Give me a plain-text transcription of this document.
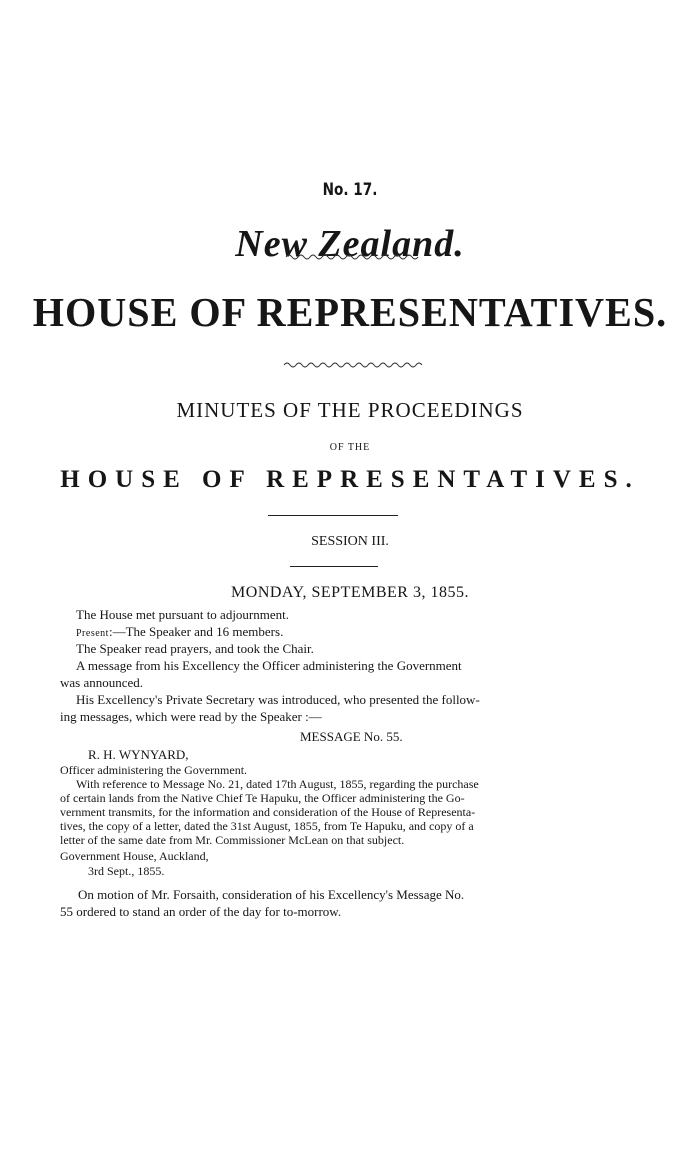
No. 17.
New Zealand.
HOUSE OF REPRESENTATIVES.
MINUTES OF THE PROCEEDINGS
OF THE
HOUSE OF REPRESENTATIVES.
SESSION III.
MONDAY, SEPTEMBER 3, 1855.
The House met pursuant to adjournment.
Present:—The Speaker and 16 members.
The Speaker read prayers, and took the Chair.
A message from his Excellency the Officer administering the Government
was announced.
His Excellency's Private Secretary was introduced, who presented the follow-
ing messages, which were read by the Speaker :—
MESSAGE No. 55.
R. H. WYNYARD,
Officer administering the Government.
With reference to Message No. 21, dated 17th August, 1855, regarding the purchase
of certain lands from the Native Chief Te Hapuku, the Officer administering the Go-
vernment transmits, for the information and consideration of the House of Representa-
tives, the copy of a letter, dated the 31st August, 1855, from Te Hapuku, and copy of a
letter of the same date from Mr. Commissioner McLean on that subject.
Government House, Auckland,
3rd Sept., 1855.
On motion of Mr. Forsaith, consideration of his Excellency's Message No.
55 ordered to stand an order of the day for to-morrow.
